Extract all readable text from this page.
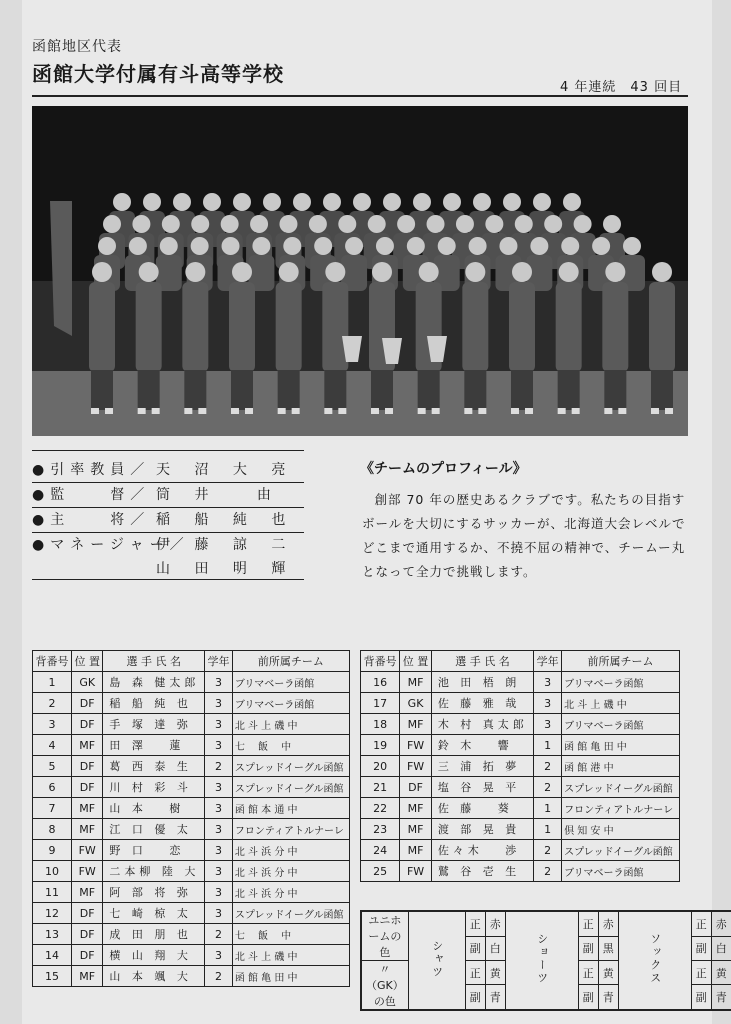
函館地区代表
函館大学付属有斗高等学校
4 年連続　43 回目
●引率教員／ 天 沼 大 亮
●監　　督／ 筒 井　 由
●主　　将／ 稲 船 純 也
●マネージャー／
伊 藤 諒 二
山 田 明 輝
《チームのプロフィール》
創部 70 年の歴史あるクラブです。私たちの目指すボールを大切にするサッカーが、北海道大会レベルでどこまで通用するか、不撓不屈の精神で、チームー丸となって全力で挑戦します。
背番号	位 置	選 手 氏 名	学年	前所属チーム
1	GK	島 森 健太郎	3	ブリマベーラ函館
2	DF	稲 船 純 也	3	ブリマベーラ函館
3	DF	手 塚 達 弥	3	北 斗 上 磯 中
4	MF	田 澤　 蓮	3	七　 飯　 中
5	DF	葛 西 泰 生	2	スプレッドイーグル函館
6	DF	川 村 彩 斗	3	スプレッドイーグル函館
7	MF	山 本　 樹	3	函 館 本 通 中
8	MF	江 口 優 太	3	フロンティアトルナーレ
9	FW	野 口　 恋	3	北 斗 浜 分 中
10	FW	二本柳 陸 大	3	北 斗 浜 分 中
11	MF	阿 部 将 弥	3	北 斗 浜 分 中
12	DF	七 崎 椋 太	3	スプレッドイーグル函館
13	DF	成 田 朋 也	2	七　 飯　 中
14	DF	横 山 翔 大	3	北 斗 上 磯 中
15	MF	山 本 颯 大	2	函 館 亀 田 中
背番号	位 置	選 手 氏 名	学年	前所属チーム
16	MF	池 田 梧 朗	3	ブリマベーラ函館
17	GK	佐 藤 雅 哉	3	北 斗 上 磯 中
18	MF	木 村 真太郎	3	ブリマベーラ函館
19	FW	鈴 木　 響	1	函 館 亀 田 中
20	FW	三 浦 拓 夢	2	函 館 港 中
21	DF	塩 谷 晃 平	2	スプレッドイーグル函館
22	MF	佐 藤　 葵	1	フロンティアトルナーレ
23	MF	渡 部 晃 貴	1	倶 知 安 中
24	MF	佐々木　 渉	2	スプレッドイーグル函館
25	FW	鷲 谷 壱 生	2	ブリマベーラ函館
ユニホームの色	シャツ	正	赤	ショーツ	正	赤	ソックス	正	赤
		副	白		副	黒		副	白
〃（GK）の色		正	黄		正	黄		正	黄
		副	青		副	青		副	青
